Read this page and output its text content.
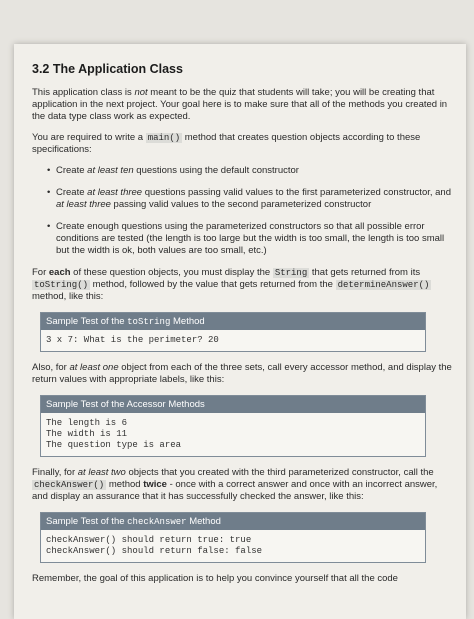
3.2 The Application Class

This application class is not meant to be the quiz that students will take; you will be creating that application in the next project. Your goal here is to make sure that all of the methods you created in the data type class work as expected.

You are required to write a main() method that creates question objects according to these specifications:

• Create at least ten questions using the default constructor
• Create at least three questions passing valid values to the first parameterized constructor, and at least three passing valid values to the second parameterized constructor
• Create enough questions using the parameterized constructors so that all possible error conditions are tested (the length is too large but the width is too small, the length is too small but the width is ok, both values are too small, etc.)

For each of these question objects, you must display the String that gets returned from its toString() method, followed by the value that gets returned from the determineAnswer() method, like this:

Sample Test of the toString Method
3 x 7: What is the perimeter? 20

Also, for at least one object from each of the three sets, call every accessor method, and display the return values with appropriate labels, like this:

Sample Test of the Accessor Methods
The length is 6
The width is 11
The question type is area

Finally, for at least two objects that you created with the third parameterized constructor, call the checkAnswer() method twice - once with a correct answer and once with an incorrect answer, and display an assurance that it has successfully checked the answer, like this:

Sample Test of the checkAnswer Method
checkAnswer() should return true: true
checkAnswer() should return false: false

Remember, the goal of this application is to help you convince yourself that all the code
